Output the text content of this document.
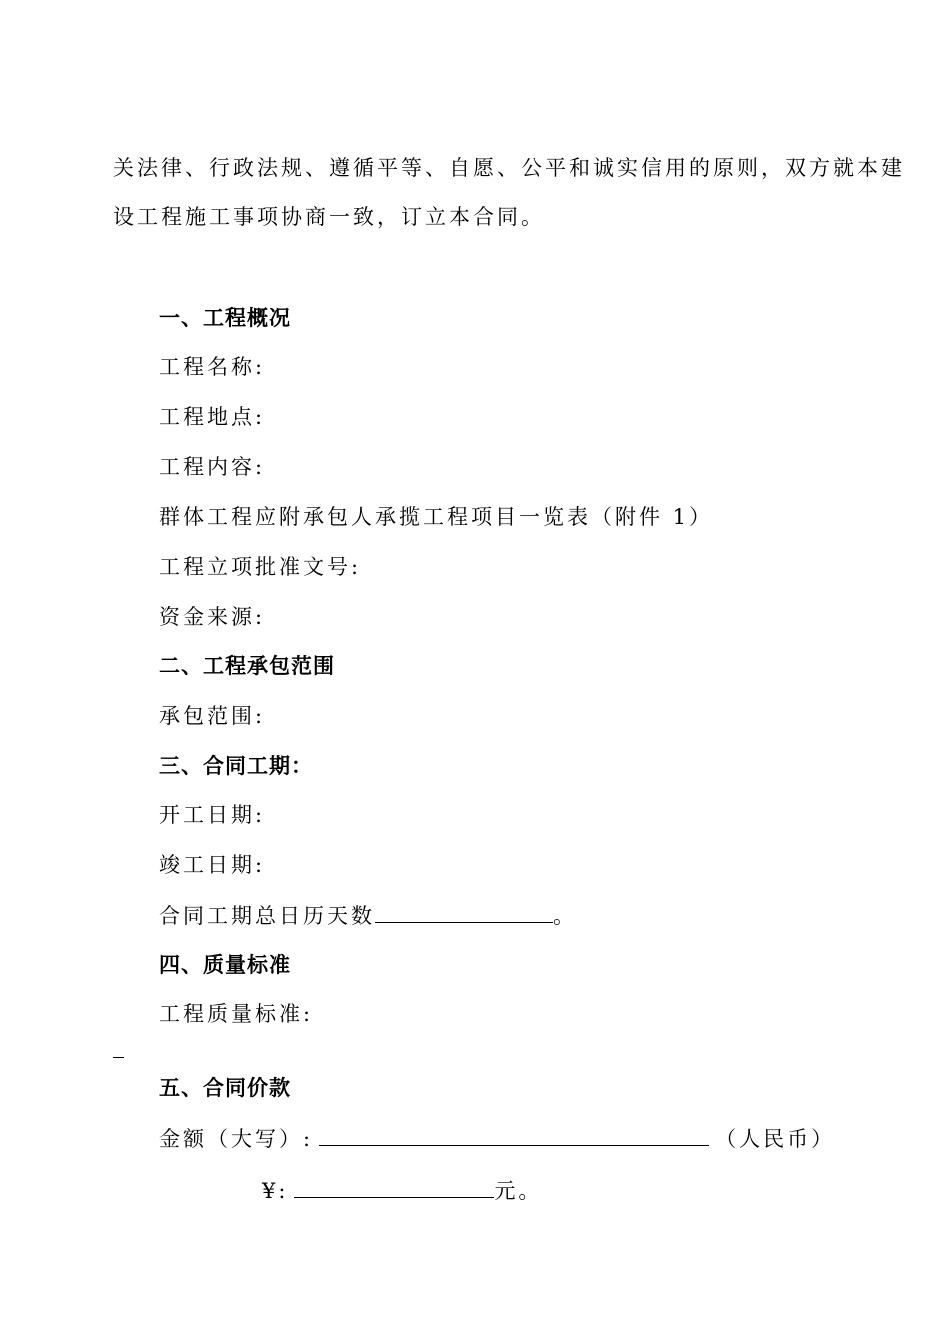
关法律、行政法规、遵循平等、自愿、公平和诚实信用的原则，双方就本建
设工程施工事项协商一致，订立本合同。
一、工程概况
工程名称:
工程地点:
工程内容:
群体工程应附承包人承揽工程项目一览表（附件 1）
工程立项批准文号:
资金来源:
二、工程承包范围
承包范围:
三、合同工期：
开工日期:
竣工日期:
合同工期总日历天数	。
四、质量标准
工程质量标准:
五、合同价款
金额（大写）:	（人民币）
¥:	元。
